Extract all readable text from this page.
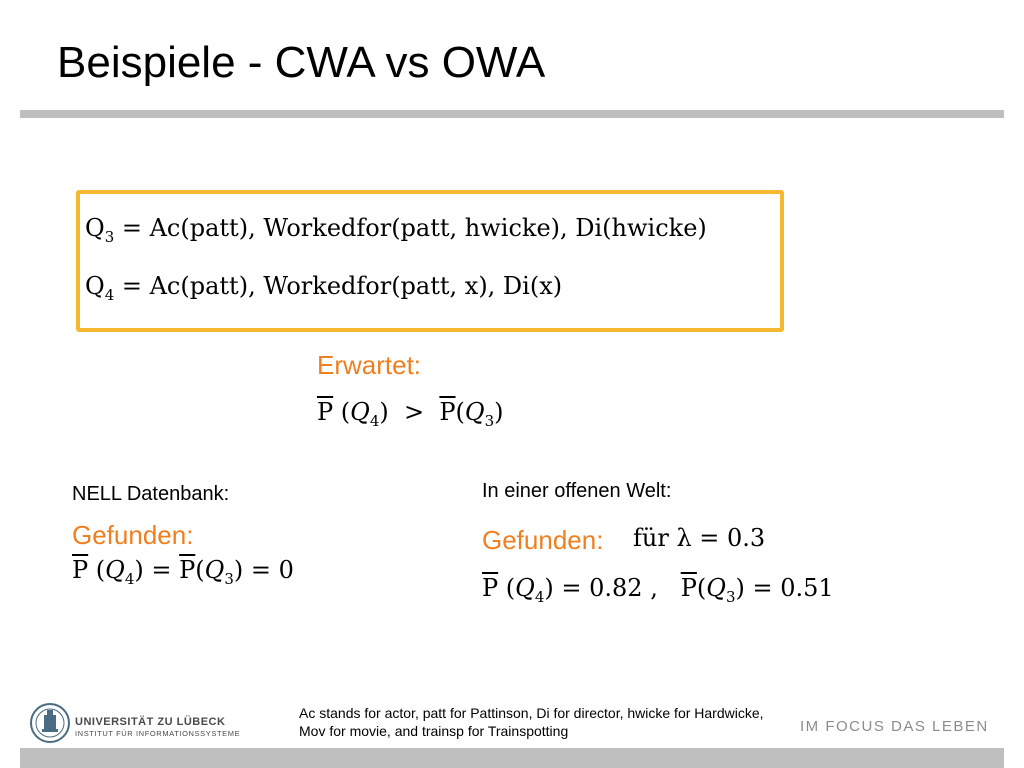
Beispiele - CWA vs OWA
$Q_3$ = Ac(patt), Workedfor(patt, hwicke), Di(hwicke)
$Q_4$ = Ac(patt), Workedfor(patt, x), Di(x)
Erwartet:
$\overline{P}$ $(Q_4) > \overline{P}(Q_3)$
NELL Datenbank:
Gefunden:
$\overline{P}$ $(Q_4) = \overline{P}(Q_3) = 0$
In einer offenen Welt:
Gefunden: für λ = 0.3
$\overline{P}$ $(Q_4) = 0.82$ ,   $\overline{P}(Q_3) = 0.51$
UNIVERSITÄT ZU LÜBECK
INSTITUT FÜR INFORMATIONSSYSTEME
Ac stands for actor, patt for Pattinson, Di for director, hwicke for Hardwicke, Mov for movie, and trainsp for Trainspotting	IM FOCUS DAS LEBEN
